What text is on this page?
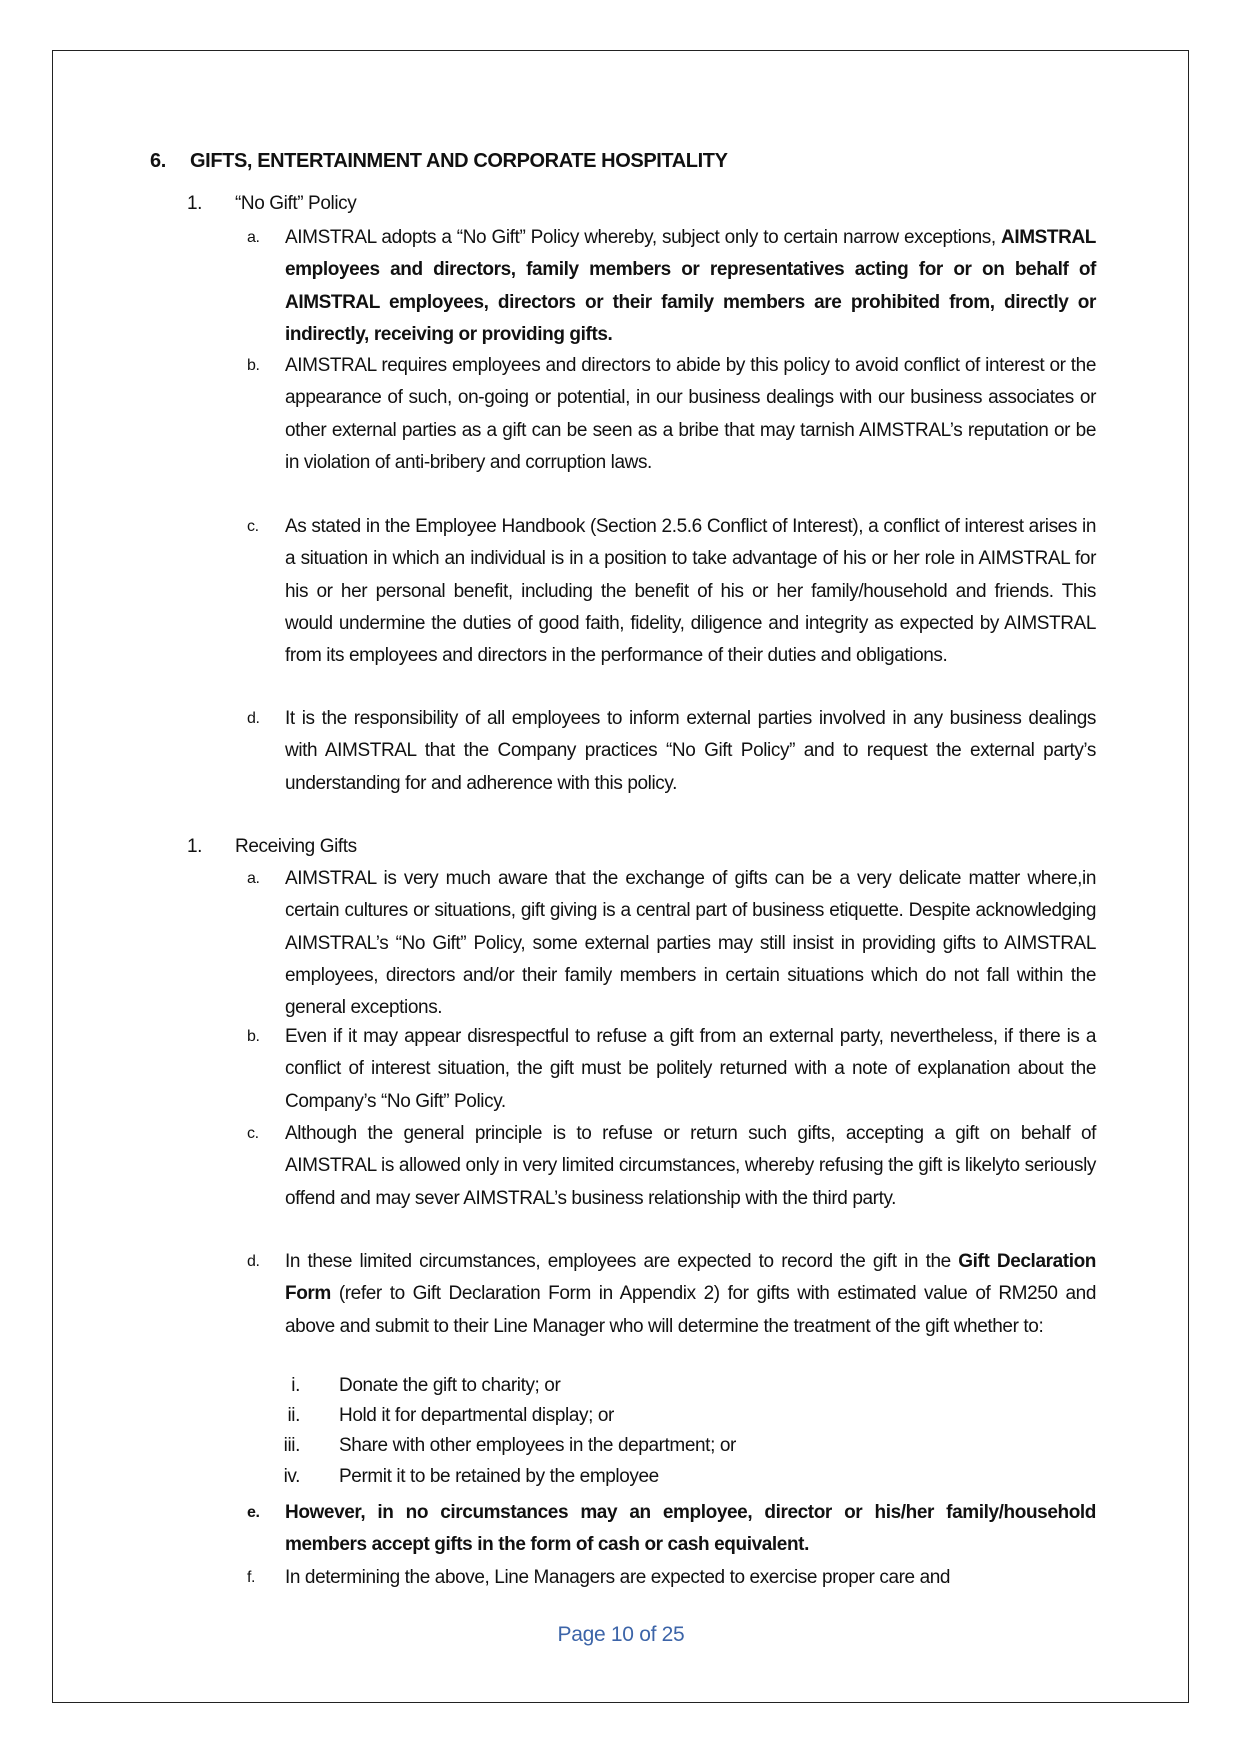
6. GIFTS, ENTERTAINMENT AND CORPORATE HOSPITALITY
1. “No Gift” Policy
a. AIMSTRAL adopts a “No Gift” Policy whereby, subject only to certain narrow exceptions, AIMSTRAL employees and directors, family members or representatives acting for or on behalf of AIMSTRAL employees, directors or their family members are prohibited from, directly or indirectly, receiving or providing gifts.
b. AIMSTRAL requires employees and directors to abide by this policy to avoid conflict of interest or the appearance of such, on-going or potential, in our business dealings with our business associates or other external parties as a gift can be seen as a bribe that may tarnish AIMSTRAL’s reputation or be in violation of anti-bribery and corruption laws.
c. As stated in the Employee Handbook (Section 2.5.6 Conflict of Interest), a conflict of interest arises in a situation in which an individual is in a position to take advantage of his or her role in AIMSTRAL for his or her personal benefit, including the benefit of his or her family/household and friends. This would undermine the duties of good faith, fidelity, diligence and integrity as expected by AIMSTRAL from its employees and directors in the performance of their duties and obligations.
d. It is the responsibility of all employees to inform external parties involved in any business dealings with AIMSTRAL that the Company practices “No Gift Policy” and to request the external party’s understanding for and adherence with this policy.
1. Receiving Gifts
a. AIMSTRAL is very much aware that the exchange of gifts can be a very delicate matter where,in certain cultures or situations, gift giving is a central part of business etiquette. Despite acknowledging AIMSTRAL’s “No Gift” Policy, some external parties may still insist in providing gifts to AIMSTRAL employees, directors and/or their family members in certain situations which do not fall within the general exceptions.
b. Even if it may appear disrespectful to refuse a gift from an external party, nevertheless, if there is a conflict of interest situation, the gift must be politely returned with a note of explanation about the Company’s “No Gift” Policy.
c. Although the general principle is to refuse or return such gifts, accepting a gift on behalf of AIMSTRAL is allowed only in very limited circumstances, whereby refusing the gift is likelyto seriously offend and may sever AIMSTRAL’s business relationship with the third party.
d. In these limited circumstances, employees are expected to record the gift in the Gift Declaration Form (refer to Gift Declaration Form in Appendix 2) for gifts with estimated value of RM250 and above and submit to their Line Manager who will determine the treatment of the gift whether to:
i. Donate the gift to charity; or
ii. Hold it for departmental display; or
iii. Share with other employees in the department; or
iv. Permit it to be retained by the employee
e. However, in no circumstances may an employee, director or his/her family/household members accept gifts in the form of cash or cash equivalent.
f. In determining the above, Line Managers are expected to exercise proper care and
Page 10 of 25
